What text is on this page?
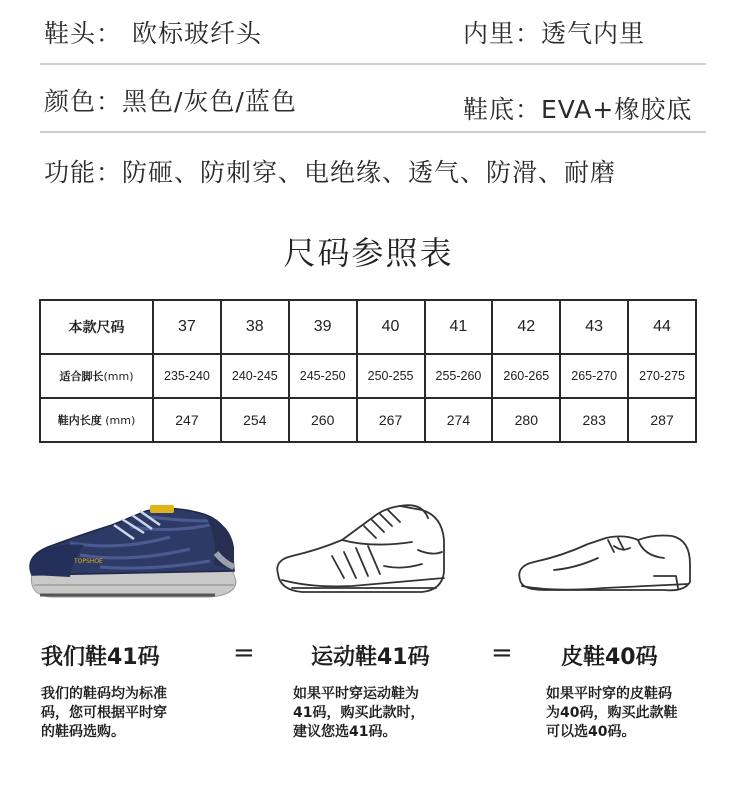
鞋头： 欧标玻纤头	内里：透气内里
颜色：黑色/灰色/蓝色	鞋底：EVA+橡胶底
功能：防砸、防刺穿、电绝缘、透气、防滑、耐磨
尺码参照表
本款尺码	37	38	39	40	41	42	43	44
适合脚长(mm)	235-240	240-245	245-250	250-255	255-260	260-265	265-270	270-275
鞋内长度 (mm)	247	254	260	267	274	280	283	287
TOPSHOE
我们鞋41码	=	运动鞋41码 = 皮鞋40码
我们的鞋码均为标准
码，您可根据平时穿
的鞋码选购。
如果平时穿运动鞋为
41码，购买此款时，
建议您选41码。
如果平时穿的皮鞋码
为40码，购买此款鞋
可以选40码。
